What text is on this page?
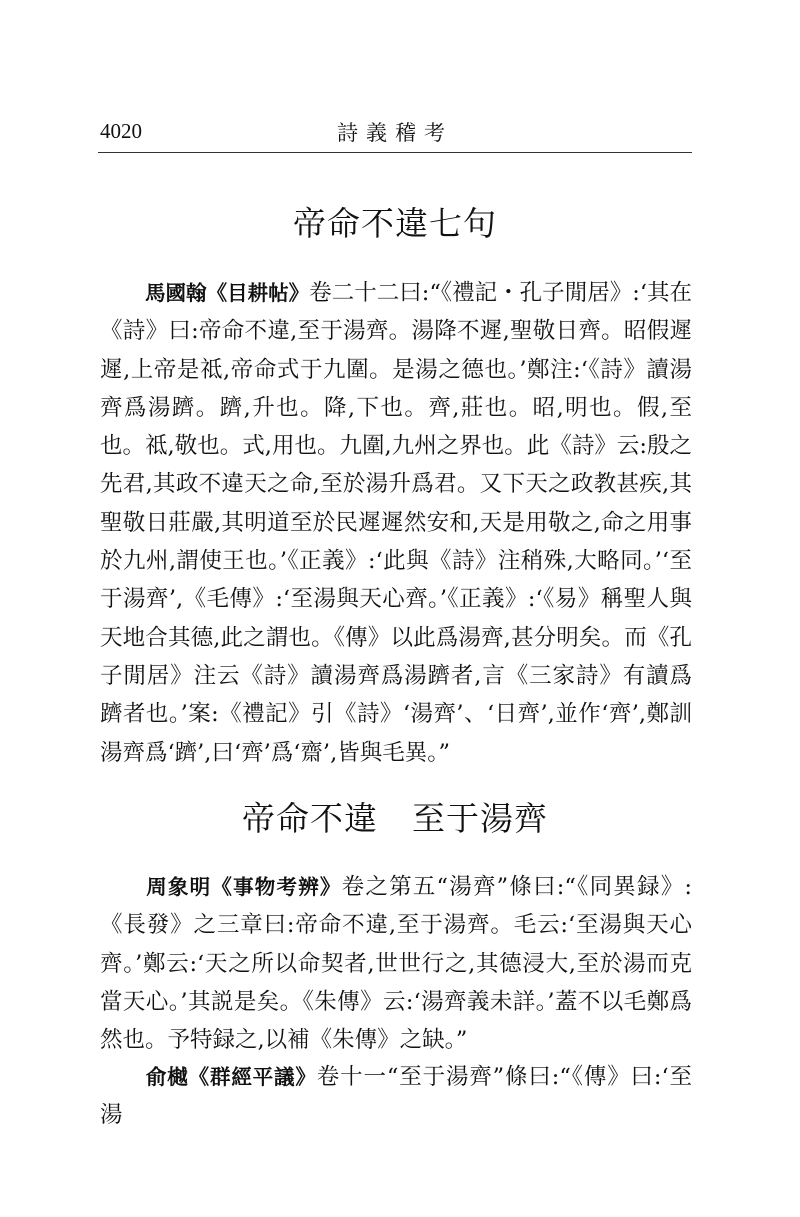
4020	詩義稽考
帝命不違七句
馬國翰《目耕帖》卷二十二曰:“《禮記・孔子閒居》:‘其在《詩》曰:帝命不違,至于湯齊。湯降不遲,聖敬日齊。昭假遲遲,上帝是祗,帝命式于九圍。是湯之德也。’鄭注:‘《詩》讀湯齊爲湯躋。躋,升也。降,下也。齊,莊也。昭,明也。假,至也。祗,敬也。式,用也。九圍,九州之界也。此《詩》云:殷之先君,其政不違天之命,至於湯升爲君。又下天之政教甚疾,其聖敬日莊嚴,其明道至於民遲遲然安和,天是用敬之,命之用事於九州,謂使王也。’《正義》:‘此與《詩》注稍殊,大略同。’‘至于湯齊’,《毛傳》:‘至湯與天心齊。’《正義》:‘《易》稱聖人與天地合其德,此之謂也。《傳》以此爲湯齊,甚分明矣。而《孔子閒居》注云《詩》讀湯齊爲湯躋者,言《三家詩》有讀爲躋者也。’案:《禮記》引《詩》‘湯齊’、‘日齊’,並作‘齊’,鄭訓湯齊爲‘躋’,曰‘齊’爲‘齋’,皆與毛異。”
帝命不違　至于湯齊
周象明《事物考辨》卷之第五“湯齊”條曰:“《同異録》:《長發》之三章曰:帝命不違,至于湯齊。毛云:‘至湯與天心齊。’鄭云:‘天之所以命契者,世世行之,其德浸大,至於湯而克當天心。’其説是矣。《朱傳》云:‘湯齊義未詳。’蓋不以毛鄭爲然也。予特録之,以補《朱傳》之缺。”
俞樾《群經平議》卷十一“至于湯齊”條曰:“《傳》曰:‘至湯
